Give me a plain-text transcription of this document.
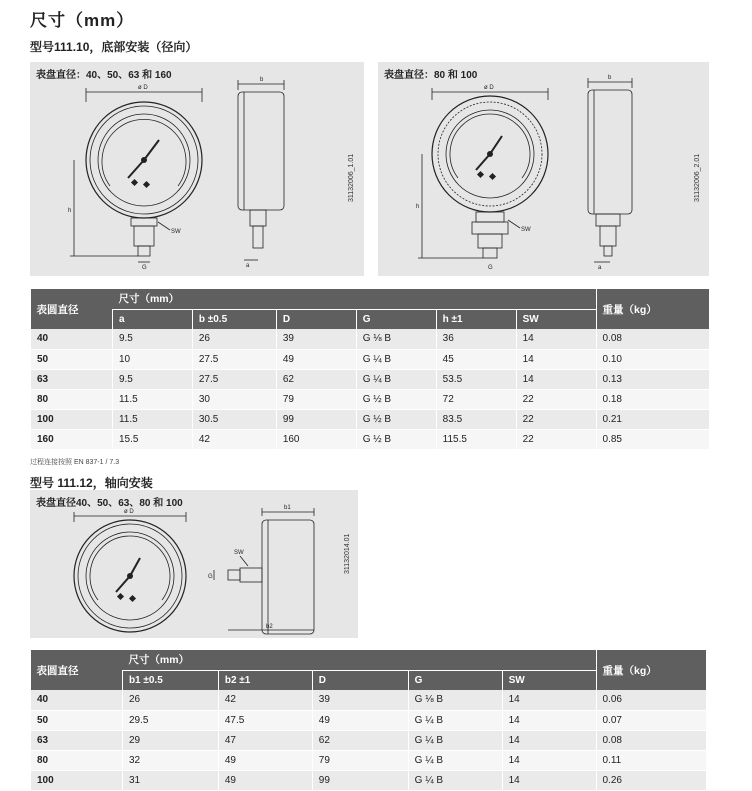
尺寸（mm）
型号111.10，底部安装（径向）
表盘直径：40、50、63 和 160
31132006_1.01
ø D
h
SW
G
b
a
表盘直径：80 和 100
31132006_2.01
ø D
h
SW
G
b
a
表圆直径	尺寸（mm）						重量（kg）
	a	b ±0.5	D	G	h ±1	SW	
40	9.5	26	39	G ⅛ B	36	14	0.08
50	10	27.5	49	G ¼ B	45	14	0.10
63	9.5	27.5	62	G ¼ B	53.5	14	0.13
80	11.5	30	79	G ½ B	72	22	0.18
100	11.5	30.5	99	G ½ B	83.5	22	0.21
160	15.5	42	160	G ½ B	115.5	22	0.85
过程连接按照 EN 837-1 / 7.3
型号 111.12，轴向安装
表盘直径40、50、63、80 和 100
31132014.01
ø D
b1
b2
SW
G
表圆直径	尺寸（mm）					重量（kg）
	b1 ±0.5	b2 ±1	D	G	SW	
40	26	42	39	G ⅛ B	14	0.06
50	29.5	47.5	49	G ¼ B	14	0.07
63	29	47	62	G ¼ B	14	0.08
80	32	49	79	G ¼ B	14	0.11
100	31	49	99	G ¼ B	14	0.26
